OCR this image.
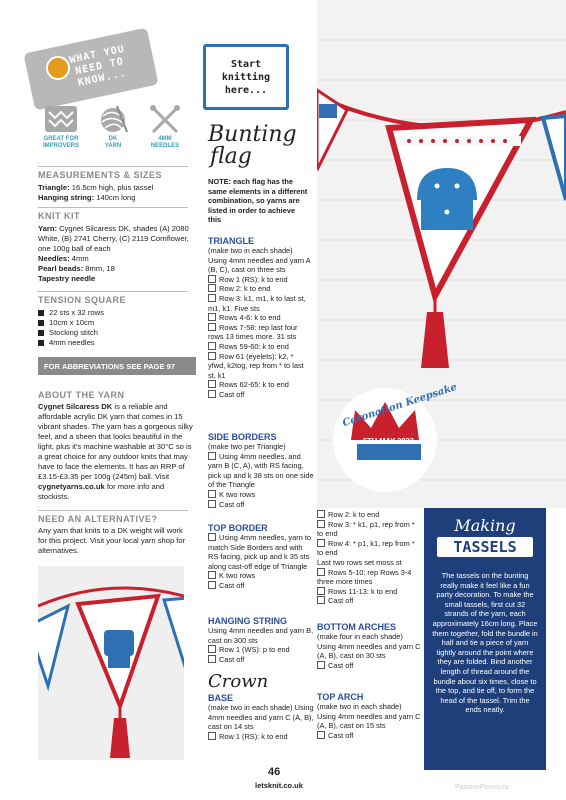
WHAT YOU NEED TO KNOW...
GREAT FOR
IMPROVERS
DK
YARN
4MM
NEEDLES
MEASUREMENTS & SIZES
Triangle: 16.5cm high, plus tassel
Hanging string: 140cm long
KNIT KIT
Yarn: Cygnet Silcaress DK, shades (A) 2080 White, (B) 2741 Cherry, (C) 2119 Cornflower, one 100g ball of each
Needles: 4mm
Pearl beads: 8mm, 18
Tapestry needle
TENSION SQUARE
22 sts x 32 rows
10cm x 10cm
Stocking stitch
4mm needles
FOR ABBREVIATIONS SEE PAGE 97
ABOUT THE YARN
Cygnet Silcaress DK is a reliable and affordable acrylic DK yarn that comes in 15 vibrant shades. The yarn has a gorgeous silky feel, and a sheen that looks beautiful in the light, plus it's machine washable at 30°C so is a great choice for any outdoor knits that may have to face the elements. It has an RRP of £3.15-£3.35 per 100g (245m) ball. Visit cygnetyarns.co.uk for more info and stockists.
NEED AN ALTERNATIVE?
Any yarn that knits to a DK weight will work for this project. Visit your local yarn shop for alternatives.
Start
knitting
here...
Bunting
flag
NOTE: each flag has the same elements in a different combination, so yarns are listed in order to achieve this
TRIANGLE
(make two in each shade) Using 4mm needles and yarn A (B, C), cast on three sts
Row 1 (RS): k to end
Row 2: k to end
Row 3: k1, m1, k to last st, m1, k1. Five sts
Rows 4-6: k to end
Rows 7-58: rep last four rows 13 times more. 31 sts
Rows 59-60: k to end
Row 61 (eyelets): k2, * yfwd, k2tog, rep from * to last st, k1
Rows 62-65: k to end
Cast off
SIDE BORDERS
(make two per Triangle)
Using 4mm needles, and yarn B (C, A), with RS facing, pick up and k 38 sts on one side of the Triangle
K two rows
Cast off
TOP BORDER
Using 4mm needles, yarn to match Side Borders and with RS facing, pick up and k 35 sts along cast-off edge of Triangle
K two rows
Cast off
HANGING STRING
Using 4mm needles and yarn B, cast on 300 sts
Row 1 (WS): p to end
Cast off
Crown
BASE
(make two in each shade) Using 4mm needles and yarn C (A, B), cast on 14 sts
Row 1 (RS): k to end
Coronation Keepsake
6TH MAY 2023
Row 2: k to end
Row 3: * k1, p1, rep from * to end
Row 4: * p1, k1, rep from * to end
Last two rows set moss st
Rows 5-10: rep Rows 3-4 three more times
Rows 11-13: k to end
Cast off
BOTTOM ARCHES
(make four in each shade) Using 4mm needles and yarn C (A, B), cast on 30 sts
Cast off
TOP ARCH
(make two in each shade) Using 4mm needles and yarn C (A, B), cast on 15 sts
Cast off
Making
TASSELS
The tassels on the bunting really make it feel like a fun party decoration. To make the small tassels, first cut 32 strands of the yarn, each approximately 16cm long. Place them together, fold the bundle in half and tie a piece of yarn tightly around the point where they are folded. Bind another length of thread around the bundle about six times, close to the top, and tie off, to form the head of the tassel. Trim the ends neatly.
46
letsknit.co.uk	PassionForum.ru
